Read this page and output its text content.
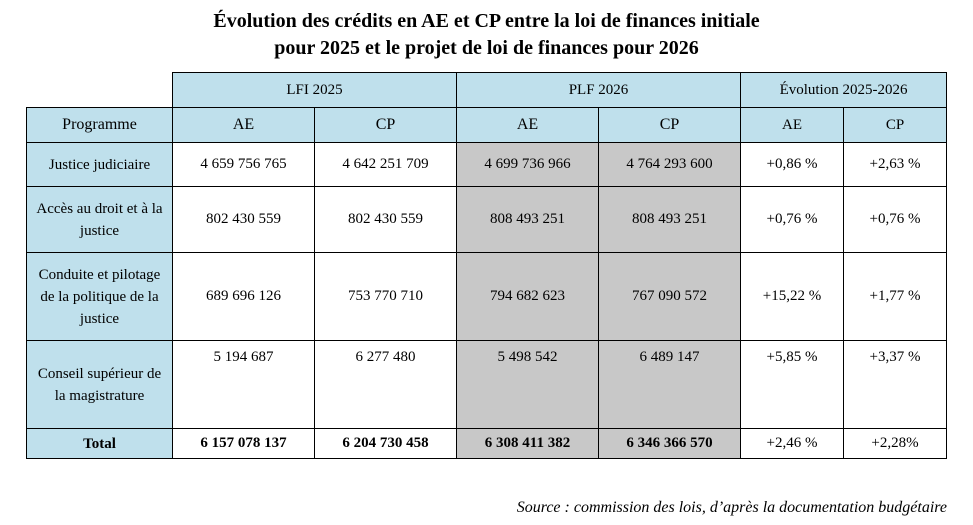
Évolution des crédits en AE et CP entre la loi de finances initiale
pour 2025 et le projet de loi de finances pour 2026
	LFI 2025		PLF 2026		Évolution 2025-2026	
Programme	AE	CP	AE	CP	AE	CP
Justice judiciaire	4 659 756 765	4 642 251 709	4 699 736 966	4 764 293 600	+0,86 %	+2,63 %
Accès au droit et à la justice	802 430 559	802 430 559	808 493 251	808 493 251	+0,76 %	+0,76 %
Conduite et pilotage de la politique de la justice	689 696 126	753 770 710	794 682 623	767 090 572	+15,22 %	+1,77 %
Conseil supérieur de la magistrature	5 194 687	6 277 480	5 498 542	6 489 147	+5,85 %	+3,37 %
Total	6 157 078 137	6 204 730 458	6 308 411 382	6 346 366 570	+2,46 %	+2,28%
Source : commission des lois, d’après la documentation budgétaire
